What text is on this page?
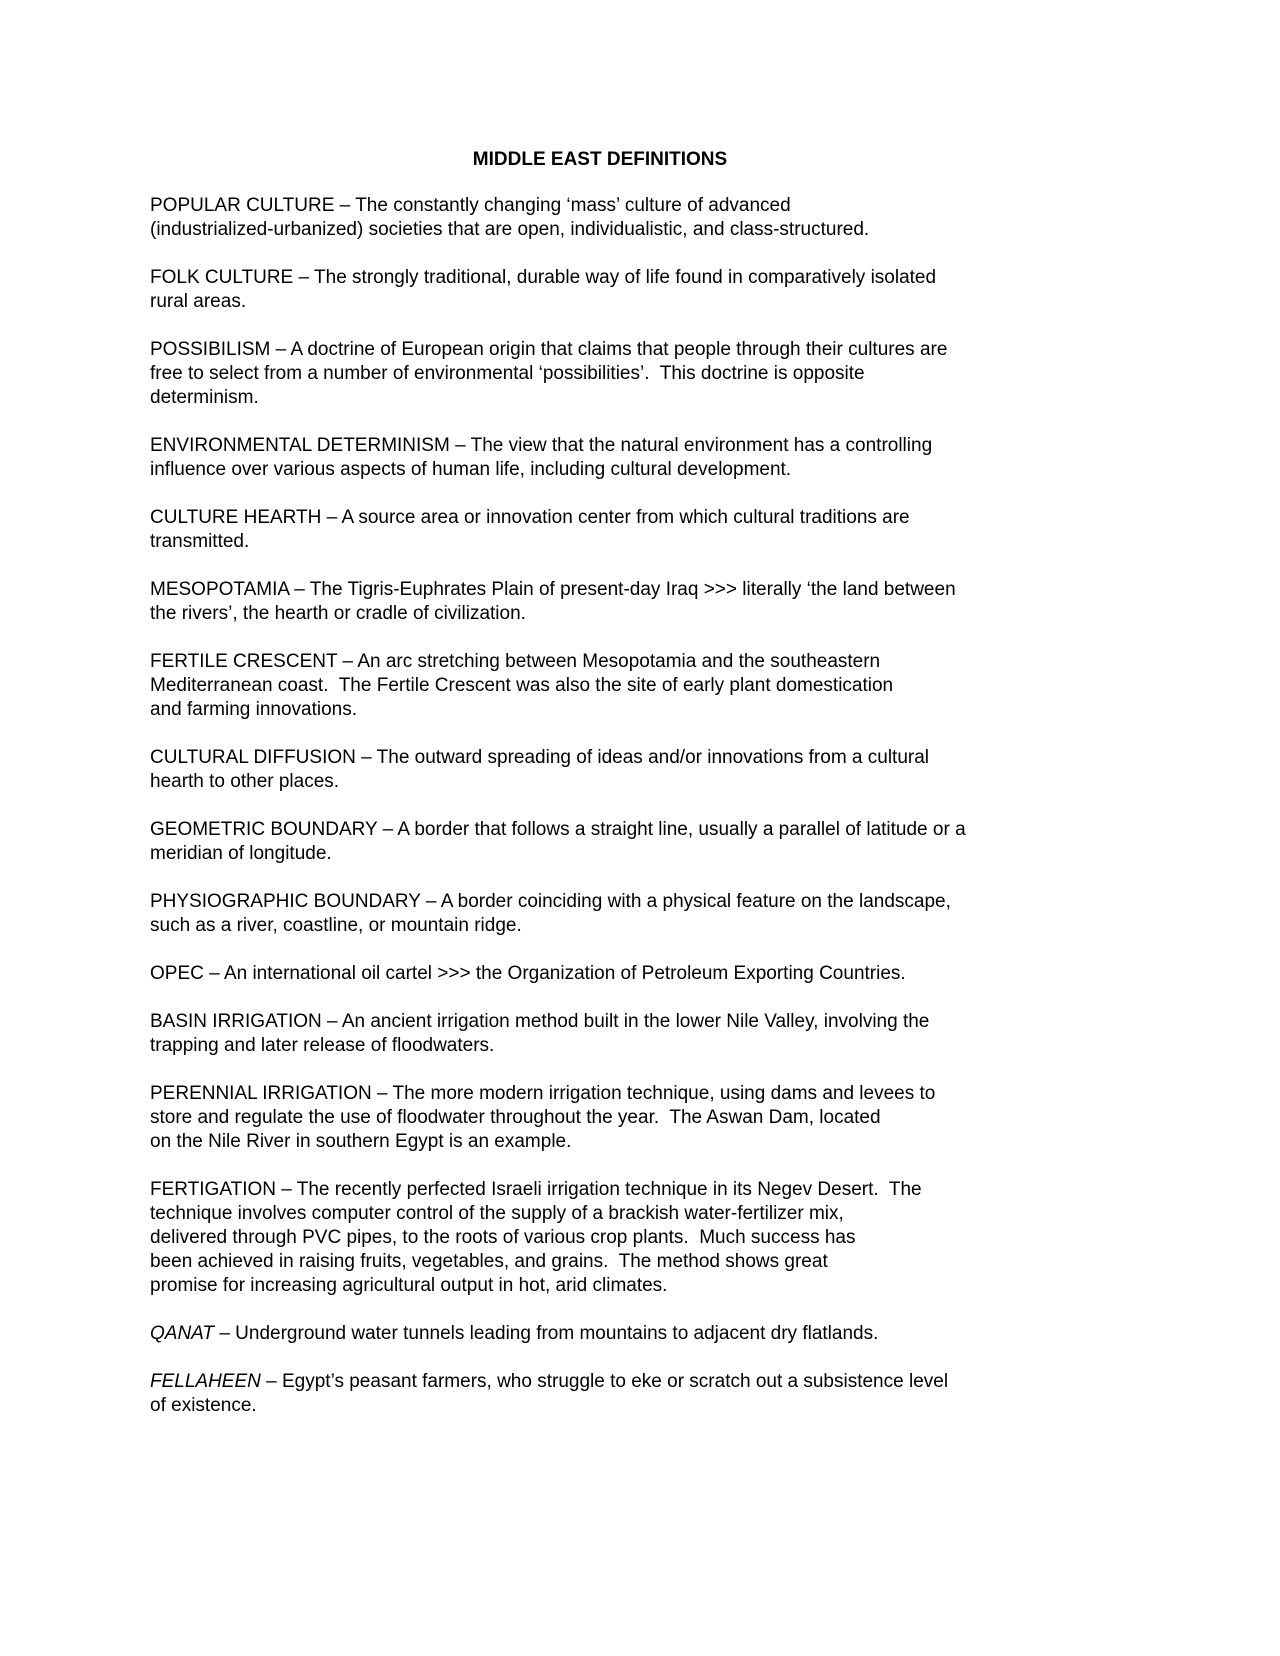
MIDDLE EAST DEFINITIONS
POPULAR CULTURE – The constantly changing ‘mass’ culture of advanced
(industrialized-urbanized) societies that are open, individualistic, and class-structured.
FOLK CULTURE – The strongly traditional, durable way of life found in comparatively isolated
rural areas.
POSSIBILISM – A doctrine of European origin that claims that people through their cultures are
free to select from a number of environmental ‘possibilities’.  This doctrine is opposite
determinism.
ENVIRONMENTAL DETERMINISM – The view that the natural environment has a controlling
influence over various aspects of human life, including cultural development.
CULTURE HEARTH – A source area or innovation center from which cultural traditions are
transmitted.
MESOPOTAMIA – The Tigris-Euphrates Plain of present-day Iraq >>> literally ‘the land between
the rivers’, the hearth or cradle of civilization.
FERTILE CRESCENT – An arc stretching between Mesopotamia and the southeastern
Mediterranean coast.  The Fertile Crescent was also the site of early plant domestication
and farming innovations.
CULTURAL DIFFUSION – The outward spreading of ideas and/or innovations from a cultural
hearth to other places.
GEOMETRIC BOUNDARY – A border that follows a straight line, usually a parallel of latitude or a
meridian of longitude.
PHYSIOGRAPHIC BOUNDARY – A border coinciding with a physical feature on the landscape,
such as a river, coastline, or mountain ridge.
OPEC – An international oil cartel >>> the Organization of Petroleum Exporting Countries.
BASIN IRRIGATION – An ancient irrigation method built in the lower Nile Valley, involving the
trapping and later release of floodwaters.
PERENNIAL IRRIGATION – The more modern irrigation technique, using dams and levees to
store and regulate the use of floodwater throughout the year.  The Aswan Dam, located
on the Nile River in southern Egypt is an example.
FERTIGATION – The recently perfected Israeli irrigation technique in its Negev Desert.  The
technique involves computer control of the supply of a brackish water-fertilizer mix,
delivered through PVC pipes, to the roots of various crop plants.  Much success has
been achieved in raising fruits, vegetables, and grains.  The method shows great
promise for increasing agricultural output in hot, arid climates.
QANAT – Underground water tunnels leading from mountains to adjacent dry flatlands.
FELLAHEEN – Egypt’s peasant farmers, who struggle to eke or scratch out a subsistence level
of existence.
